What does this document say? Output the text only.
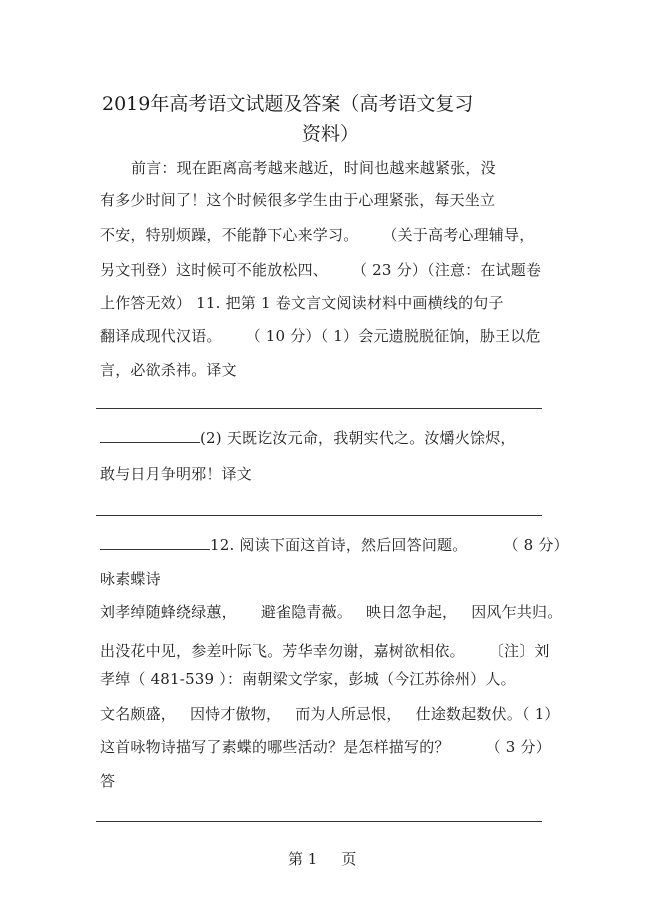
2019年高考语文试题及答案（高考语文复习
资料）
前言：现在距离高考越来越近，时间也越来越紧张，没
有多少时间了！这个时候很多学生由于心理紧张，每天坐立
不安，特别烦躁，不能静下心来学习。 （关于高考心理辅导，
另文刊登）这时候可不能放松四、 （ 23 分）（注意：在试题卷
上作答无效） 11. 把第 1 卷文言文阅读材料中画横线的句子
翻译成现代汉语。 （ 10 分）（ 1）会元遗脱脱征饷，胁王以危
言，必欲杀祎。译文
(2) 天既讫汝元命，我朝实代之。汝爝火馀烬，
敢与日月争明邪！译文
12. 阅读下面这首诗，然后回答问题。 （ 8 分）
咏素蝶诗
刘孝绰随蜂绕绿蕙， 避雀隐青薇。 映日忽争起， 因风乍共归。
出没花中见，参差叶际飞。芳华幸勿谢，嘉树欲相依。 〔注〕刘
孝绰（ 481-539 ）：南朝梁文学家，彭城（今江苏徐州）人。
文名颇盛， 因恃才傲物， 而为人所忌恨， 仕途数起数伏。（ 1）
这首咏物诗描写了素蝶的哪些活动？是怎样描写的？ （ 3 分）
答
第 1 页
